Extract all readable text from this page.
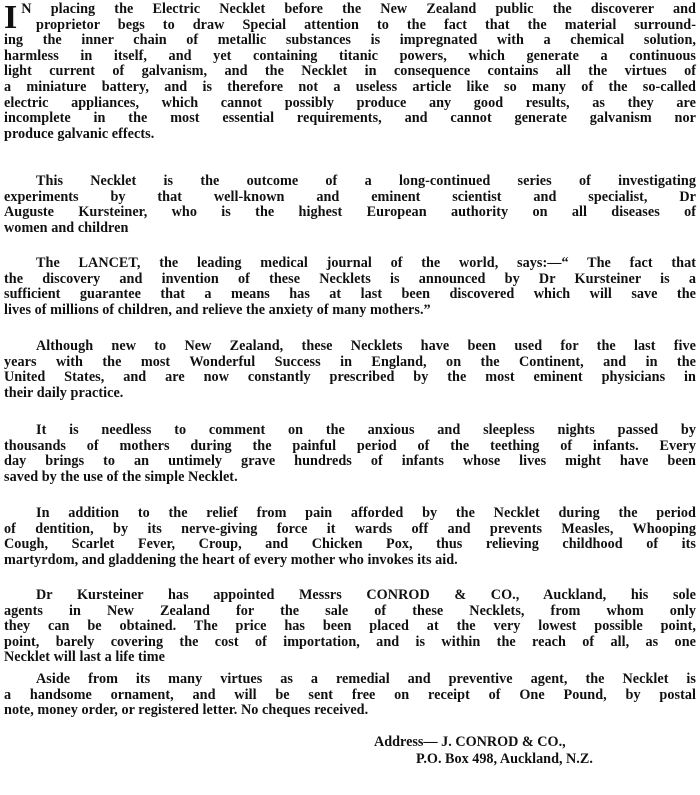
I N placing the Electric Necklet before the New Zealand public the discoverer and
proprietor begs to draw Special attention to the fact that the material surround-
ing the inner chain of metallic substances is impregnated with a chemical solution,
harmless in itself, and yet containing titanic powers, which generate a continuous
light current of galvanism, and the Necklet in consequence contains all the virtues of
a miniature battery, and is therefore not a useless article like so many of the so-called
electric appliances, which cannot possibly produce any good results, as they are
incomplete in the most essential requirements, and cannot generate galvanism nor
produce galvanic effects.
This Necklet is the outcome of a long-continued series of investigating
experiments by that well-known and eminent scientist and specialist, Dr
Auguste Kursteiner, who is the highest European authority on all diseases of
women and children
The LANCET, the leading medical journal of the world, says:—“ The fact that
the discovery and invention of these Necklets is announced by Dr Kursteiner is a
sufficient guarantee that a means has at last been discovered which will save the
lives of millions of children, and relieve the anxiety of many mothers.”
Although new to New Zealand, these Necklets have been used for the last five
years with the most Wonderful Success in England, on the Continent, and in the
United States, and are now constantly prescribed by the most eminent physicians in
their daily practice.
It is needless to comment on the anxious and sleepless nights passed by
thousands of mothers during the painful period of the teething of infants. Every
day brings to an untimely grave hundreds of infants whose lives might have been
saved by the use of the simple Necklet.
In addition to the relief from pain afforded by the Necklet during the period
of dentition, by its nerve-giving force it wards off and prevents Measles, Whooping
Cough, Scarlet Fever, Croup, and Chicken Pox, thus relieving childhood of its
martyrdom, and gladdening the heart of every mother who invokes its aid.
Dr Kursteiner has appointed Messrs CONROD & CO., Auckland, his sole
agents in New Zealand for the sale of these Necklets, from whom only
they can be obtained. The price has been placed at the very lowest possible point,
point, barely covering the cost of importation, and is within the reach of all, as one
Necklet will last a life time
Aside from its many virtues as a remedial and preventive agent, the Necklet is
a handsome ornament, and will be sent free on receipt of One Pound, by postal
note, money order, or registered letter. No cheques received.
Address— J. CONROD & CO.,
P.O. Box 498, Auckland, N.Z.
